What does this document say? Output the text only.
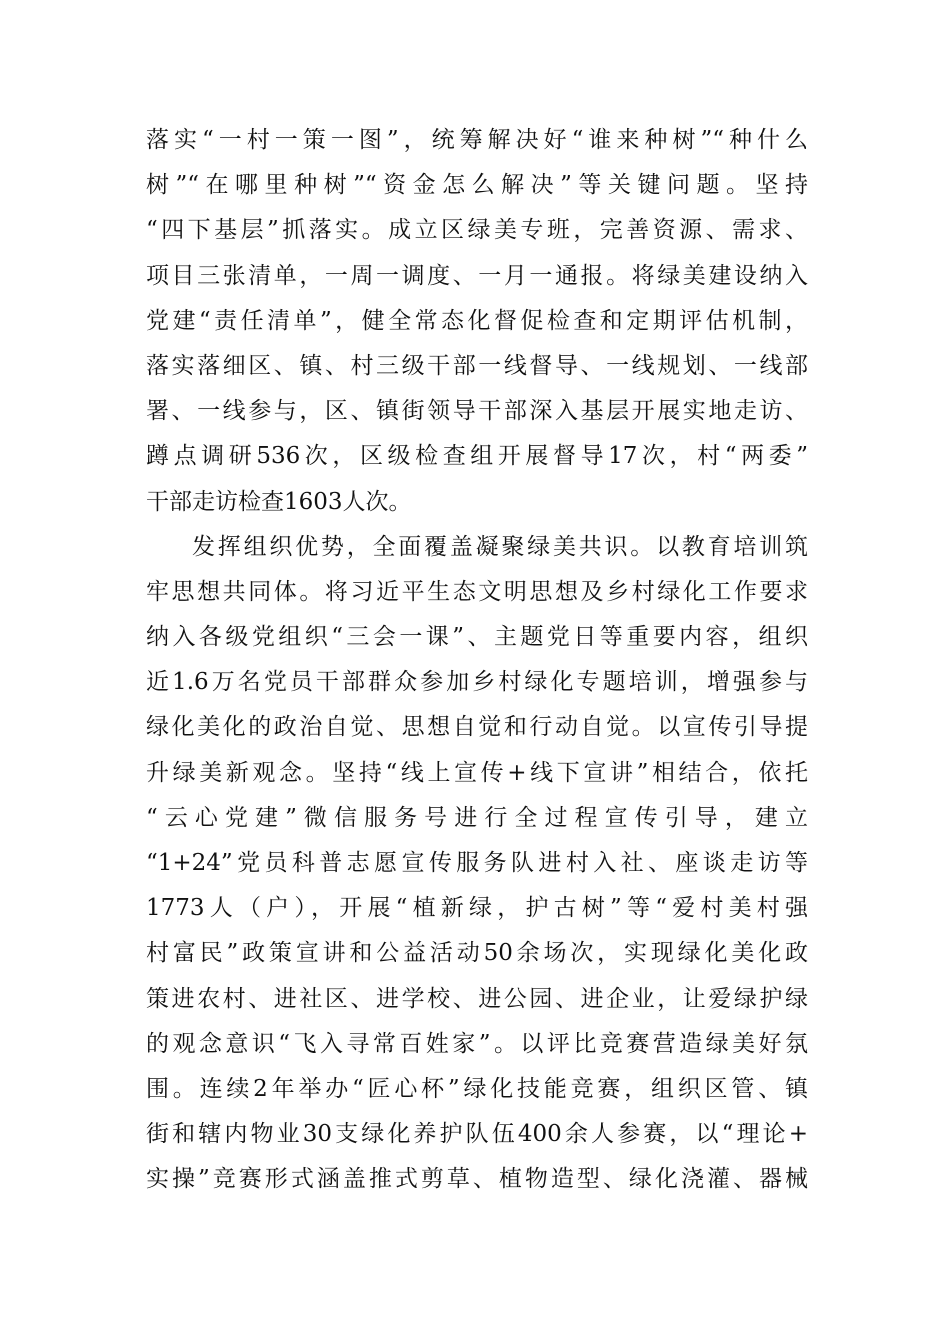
落实“一村一策一图”，统筹解决好“谁来种树”“种什么
树”“在哪里种树”“资金怎么解决”等关键问题。坚持
“四下基层”抓落实。成立区绿美专班，完善资源、需求、
项目三张清单，一周一调度、一月一通报。将绿美建设纳入
党建“责任清单”，健全常态化督促检查和定期评估机制，
落实落细区、镇、村三级干部一线督导、一线规划、一线部
署、一线参与，区、镇街领导干部深入基层开展实地走访、
蹲点调研536次，区级检查组开展督导17次，村“两委”
干部走访检查1603人次。
发挥组织优势，全面覆盖凝聚绿美共识。以教育培训筑
牢思想共同体。将习近平生态文明思想及乡村绿化工作要求
纳入各级党组织“三会一课”、主题党日等重要内容，组织
近1.6万名党员干部群众参加乡村绿化专题培训，增强参与
绿化美化的政治自觉、思想自觉和行动自觉。以宣传引导提
升绿美新观念。坚持“线上宣传+线下宣讲”相结合，依托
“云心党建”微信服务号进行全过程宣传引导，建立
“1+24”党员科普志愿宣传服务队进村入社、座谈走访等
1773人（户），开展“植新绿，护古树”等“爱村美村强
村富民”政策宣讲和公益活动50余场次，实现绿化美化政
策进农村、进社区、进学校、进公园、进企业，让爱绿护绿
的观念意识“飞入寻常百姓家”。以评比竞赛营造绿美好氛
围。连续2年举办“匠心杯”绿化技能竞赛，组织区管、镇
街和辖内物业30支绿化养护队伍400余人参赛，以“理论+
实操”竞赛形式涵盖推式剪草、植物造型、绿化浇灌、器械
